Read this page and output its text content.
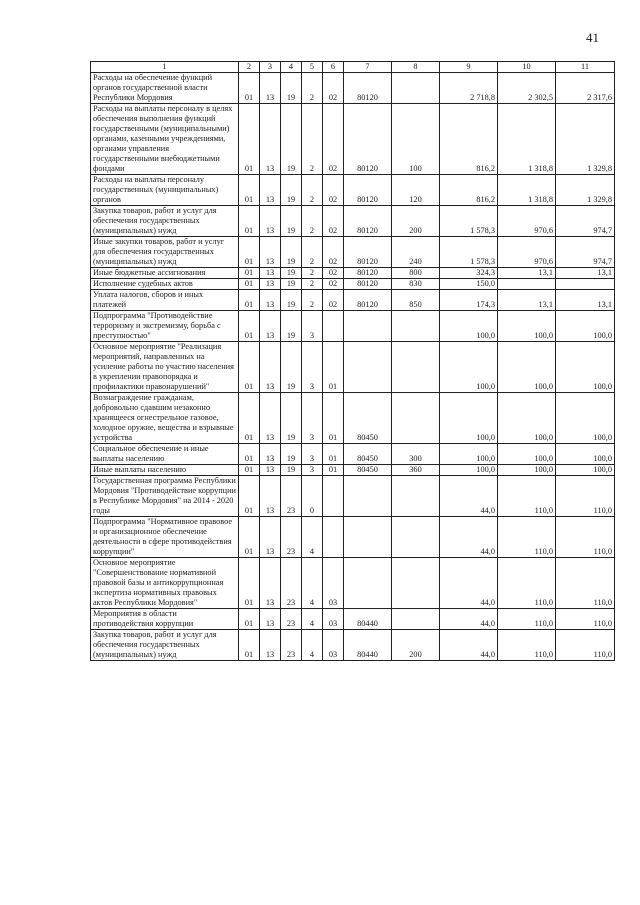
41
1	2	3	4	5	6	7	8	9	10	11
Расходы на обеспечение функций органов государственной власти Республики Мордовия	01	13	19	2	02	80120		2 718,8	2 302,5	2 317,6
Расходы на выплаты персоналу в целях обеспечения выполнения функций государственными (муниципальными) органами, казенными учреждениями, органами управления государственными внебюджетными фондами	01	13	19	2	02	80120	100	816,2	1 318,8	1 329,8
Расходы на выплаты персоналу государственных (муниципальных) органов	01	13	19	2	02	80120	120	816,2	1 318,8	1 329,8
Закупка товаров, работ и услуг для обеспечения государственных (муниципальных) нужд	01	13	19	2	02	80120	200	1 578,3	970,6	974,7
Иные закупки товаров, работ и услуг для обеспечения государственных (муниципальных) нужд	01	13	19	2	02	80120	240	1 578,3	970,6	974,7
Иные бюджетные ассигнования	01	13	19	2	02	80120	800	324,3	13,1	13,1
Исполнение судебных актов	01	13	19	2	02	80120	830	150,0		
Уплата налогов, сборов и иных платежей	01	13	19	2	02	80120	850	174,3	13,1	13,1
Подпрограмма "Противодействие терроризму и экстремизму, борьба с преступностью"	01	13	19	3				100,0	100,0	100,0
Основное мероприятие "Реализация мероприятий, направленных на усиление работы по участию населения в укреплении правопорядка и профилактики правонарушений"	01	13	19	3	01			100,0	100,0	100,0
Вознаграждение гражданам, добровольно сдавшим незаконно хранящееся огнестрельное газовое, холодное оружие, вещества и взрывные устройства	01	13	19	3	01	80450		100,0	100,0	100,0
Социальное обеспечение и иные выплаты населению	01	13	19	3	01	80450	300	100,0	100,0	100,0
Иные выплаты населению	01	13	19	3	01	80450	360	100,0	100,0	100,0
Государственная программа Республики Мордовия "Противодействие коррупции в Республике Мордовия" на 2014 - 2020 годы	01	13	23	0				44,0	110,0	110,0
Подпрограмма "Нормативное правовое и организационное обеспечение деятельности в сфере противодействия коррупции"	01	13	23	4				44,0	110,0	110,0
Основное мероприятие "Совершенствование нормативной правовой базы и антикоррупционная экспертиза нормативных правовых актов Республики Мордовия"	01	13	23	4	03			44,0	110,0	110,0
Мероприятия в области противодействия коррупции	01	13	23	4	03	80440		44,0	110,0	110,0
Закупка товаров, работ и услуг для обеспечения государственных (муниципальных) нужд	01	13	23	4	03	80440	200	44,0	110,0	110,0
